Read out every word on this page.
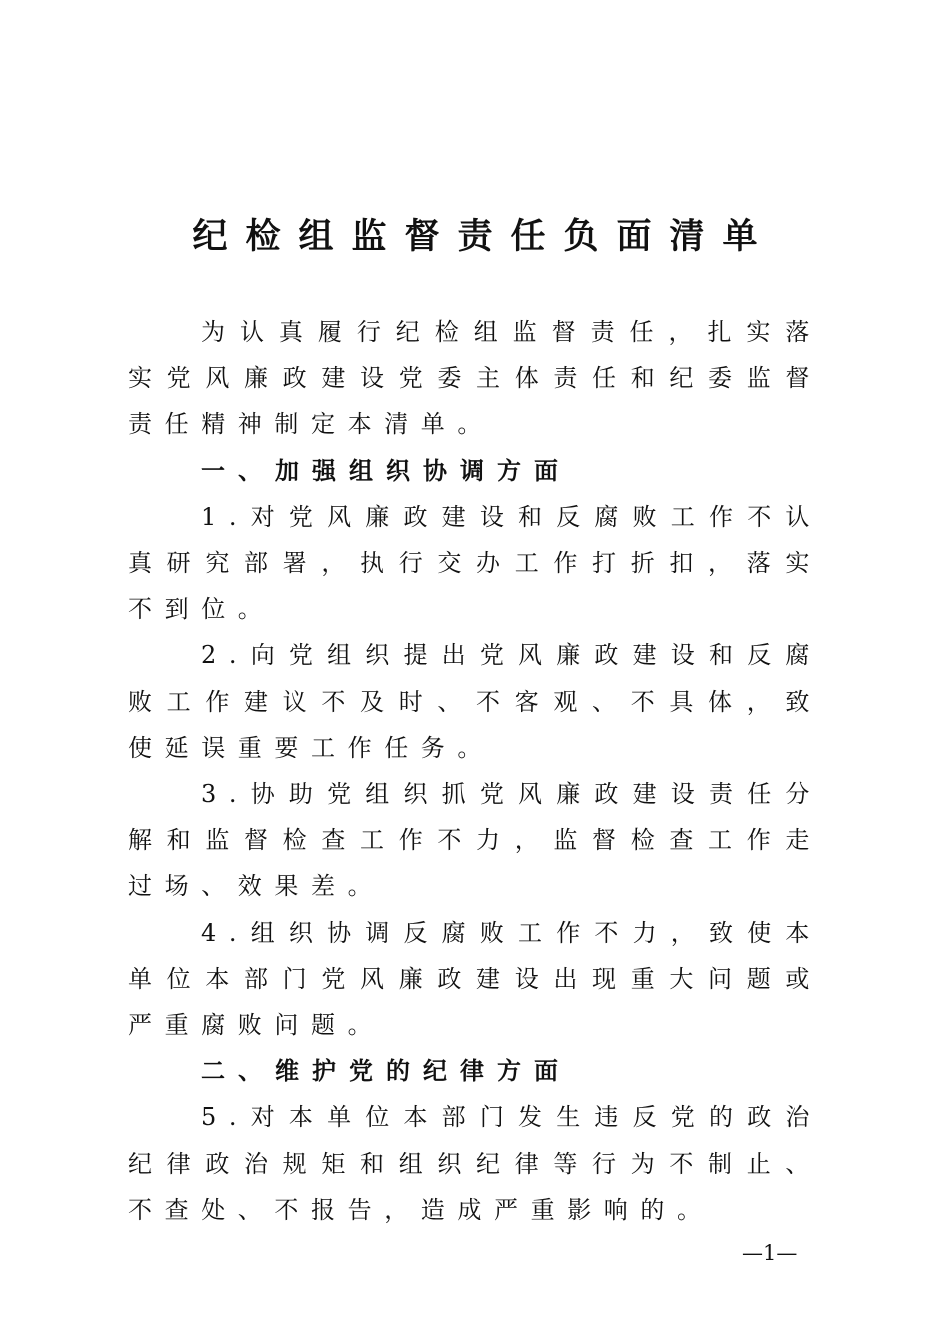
纪检组监督责任负面清单

为认真履行纪检组监督责任，扎实落实党风廉政建设党委主体责任和纪委监督责任精神制定本清单。

一、加强组织协调方面

1.对党风廉政建设和反腐败工作不认真研究部署，执行交办工作打折扣，落实不到位。

2.向党组织提出党风廉政建设和反腐败工作建议不及时、不客观、不具体，致使延误重要工作任务。

3.协助党组织抓党风廉政建设责任分解和监督检查工作不力，监督检查工作走过场、效果差。

4.组织协调反腐败工作不力，致使本单位本部门党风廉政建设出现重大问题或严重腐败问题。

二、维护党的纪律方面

5.对本单位本部门发生违反党的政治纪律政治规矩和组织纪律等行为不制止、不查处、不报告，造成严重影响的。

—1—
